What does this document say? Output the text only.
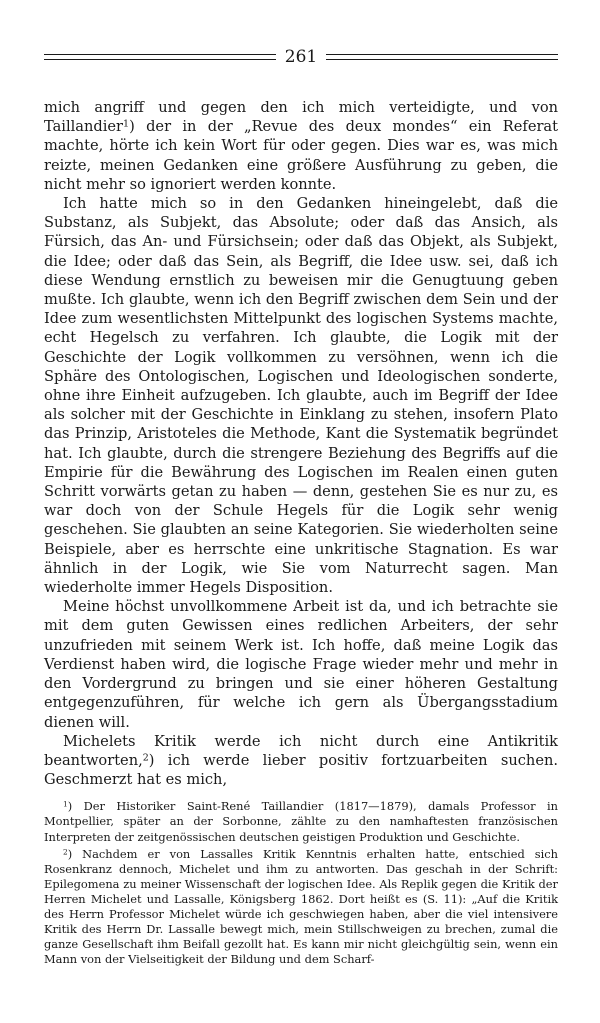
261

mich angriff und gegen den ich mich verteidigte, und von Taillandier$^1$) der in der „Revue des deux mondes“ ein Referat machte, hörte ich kein Wort für oder gegen. Dies war es, was mich reizte, meinen Gedanken eine größere Ausführung zu geben, die nicht mehr so ignoriert werden konnte.

Ich hatte mich so in den Gedanken hineingelebt, daß die Substanz, als Subjekt, das Absolute; oder daß das Ansich, als Fürsich, das An- und Fürsichsein; oder daß das Objekt, als Subjekt, die Idee; oder daß das Sein, als Begriff, die Idee usw. sei, daß ich diese Wendung ernstlich zu beweisen mir die Genugtuung geben mußte. Ich glaubte, wenn ich den Begriff zwischen dem Sein und der Idee zum wesentlichsten Mittelpunkt des logischen Systems machte, echt Hegelsch zu verfahren. Ich glaubte, die Logik mit der Geschichte der Logik vollkommen zu versöhnen, wenn ich die Sphäre des Ontologischen, Logischen und Ideologischen sonderte, ohne ihre Einheit aufzugeben. Ich glaubte, auch im Begriff der Idee als solcher mit der Geschichte in Einklang zu stehen, insofern Plato das Prinzip, Aristoteles die Methode, Kant die Systematik begründet hat. Ich glaubte, durch die strengere Beziehung des Begriffs auf die Empirie für die Bewährung des Logischen im Realen einen guten Schritt vorwärts getan zu haben — denn, gestehen Sie es nur zu, es war doch von der Schule Hegels für die Logik sehr wenig geschehen. Sie glaubten an seine Kategorien. Sie wiederholten seine Beispiele, aber es herrschte eine unkritische Stagnation. Es war ähnlich in der Logik, wie Sie vom Naturrecht sagen. Man wiederholte immer Hegels Disposition.

Meine höchst unvollkommene Arbeit ist da, und ich betrachte sie mit dem guten Gewissen eines redlichen Arbeiters, der sehr unzufrieden mit seinem Werk ist. Ich hoffe, daß meine Logik das Verdienst haben wird, die logische Frage wieder mehr und mehr in den Vordergrund zu bringen und sie einer höheren Gestaltung entgegenzuführen, für welche ich gern als Übergangsstadium dienen will.

Michelets Kritik werde ich nicht durch eine Antikritik beantworten,$^2$) ich werde lieber positiv fortzuarbeiten suchen. Geschmerzt hat es mich,

$^1$) Der Historiker Saint-René Taillandier (1817—1879), damals Professor in Montpellier, später an der Sorbonne, zählte zu den namhaftesten französischen Interpreten der zeitgenössischen deutschen geistigen Produktion und Geschichte.

$^2$) Nachdem er von Lassalles Kritik Kenntnis erhalten hatte, entschied sich Rosenkranz dennoch, Michelet und ihm zu antworten. Das geschah in der Schrift: Epilegomena zu meiner Wissenschaft der logischen Idee. Als Replik gegen die Kritik der Herren Michelet und Lassalle, Königsberg 1862. Dort heißt es (S. 11): „Auf die Kritik des Herrn Professor Michelet würde ich geschwiegen haben, aber die viel intensivere Kritik des Herrn Dr. Lassalle bewegt mich, mein Stillschweigen zu brechen, zumal die ganze Gesellschaft ihm Beifall gezollt hat. Es kann mir nicht gleichgültig sein, wenn ein Mann von der Vielseitigkeit der Bildung und dem Scharf-
